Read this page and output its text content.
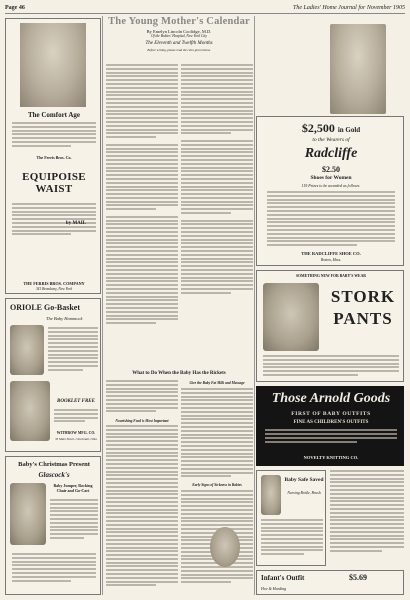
Page 46	The Ladies' Home Journal for November 1905
The Comfort Age
The Ferris Bros. Co.
EQUIPOISE WAIST
by MAIL
THE FERRIS BROS. COMPANY
341 Broadway, New York
ORIOLE Go-Basket
The Baby Hammock
BOOKLET FREE
WITHROW MFG. CO.
33 Main Street, Cincinnati, Ohio
Baby's Christmas Present
Glascock's
Baby Jumper, Rocking Chair and Go-Cart
The Young Mother's Calendar
By Emelyn Lincoln Coolidge, M.D.
Of the Babies' Hospital, New York City
The Eleventh and Twelfth Months
Before writing, please read the rules given below.
What to Do When the Baby Has the Rickets
Nourishing Food is Most Important
Give the Baby Fat Milk and Massage
Early Signs of Sickness in Babies
$2,500 in Gold
to the Wearers of
Radcliffe
$2.50
Shoes for Women
119 Prizes to be awarded as follows:
THE RADCLIFFE SHOE CO.
Boston, Mass.
SOMETHING NEW FOR BABY'S WEAR
STORK
PANTS
Those Arnold Goods
FIRST OF BABY OUTFITS
FINE AS CHILDREN'S OUTFITS
NOVELTY KNITTING CO.
Baby Safe Saved
Nursing Bottle, Brush
Infant's Outfit	$5.69
Hov & Harding
